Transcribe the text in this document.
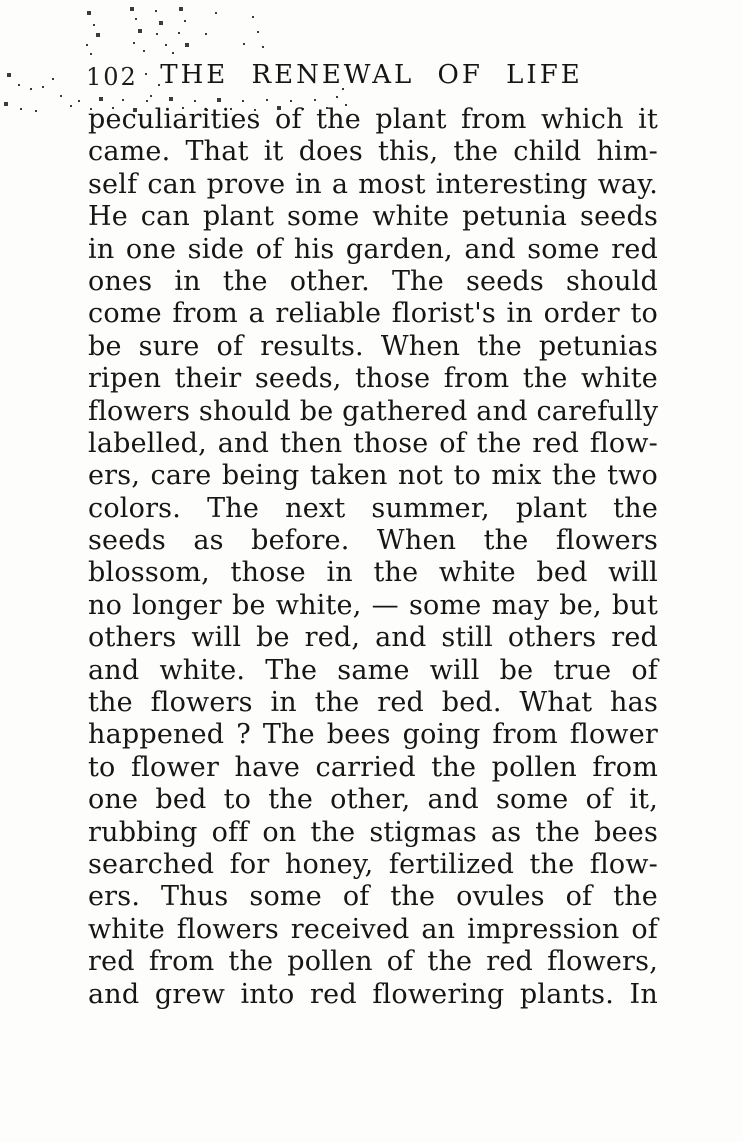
102 THE RENEWAL OF LIFE
peculiarities of the plant from which it
came. That it does this, the child him-
self can prove in a most interesting way.
He can plant some white petunia seeds
in one side of his garden, and some red
ones in the other. The seeds should
come from a reliable florist's in order to
be sure of results. When the petunias
ripen their seeds, those from the white
flowers should be gathered and carefully
labelled, and then those of the red flow-
ers, care being taken not to mix the two
colors. The next summer, plant the
seeds as before. When the flowers
blossom, those in the white bed will
no longer be white, — some may be, but
others will be red, and still others red
and white. The same will be true of
the flowers in the red bed. What has
happened ? The bees going from flower
to flower have carried the pollen from
one bed to the other, and some of it,
rubbing off on the stigmas as the bees
searched for honey, fertilized the flow-
ers. Thus some of the ovules of the
white flowers received an impression of
red from the pollen of the red flowers,
and grew into red flowering plants. In
